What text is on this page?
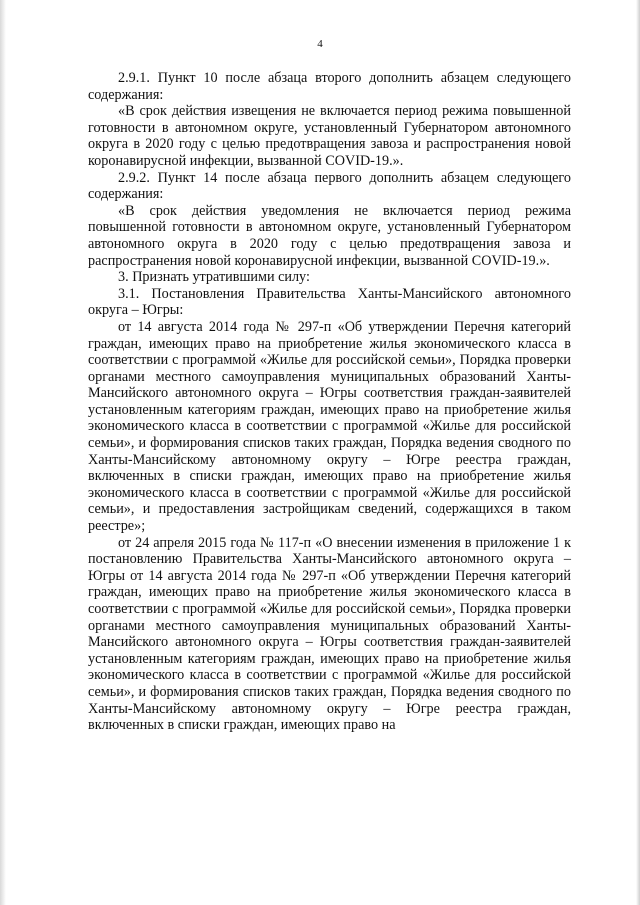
4

2.9.1. Пункт 10 после абзаца второго дополнить абзацем следующего содержания:

«В срок действия извещения не включается период режима повышенной готовности в автономном округе, установленный Губернатором автономного округа в 2020 году с целью предотвращения завоза и распространения новой коронавирусной инфекции, вызванной COVID-19.».

2.9.2. Пункт 14 после абзаца первого дополнить абзацем следующего содержания:

«В срок действия уведомления не включается период режима повышенной готовности в автономном округе, установленный Губернатором автономного округа в 2020 году с целью предотвращения завоза и распространения новой коронавирусной инфекции, вызванной COVID-19.».

3. Признать утратившими силу:

3.1. Постановления Правительства Ханты-Мансийского автономного округа – Югры:

от 14 августа 2014 года № 297-п «Об утверждении Перечня категорий граждан, имеющих право на приобретение жилья экономического класса в соответствии с программой «Жилье для российской семьи», Порядка проверки органами местного самоуправления муниципальных образований Ханты-Мансийского автономного округа – Югры соответствия граждан-заявителей установленным категориям граждан, имеющих право на приобретение жилья экономического класса в соответствии с программой «Жилье для российской семьи», и формирования списков таких граждан, Порядка ведения сводного по Ханты-Мансийскому автономному округу – Югре реестра граждан, включенных в списки граждан, имеющих право на приобретение жилья экономического класса в соответствии с программой «Жилье для российской семьи», и предоставления застройщикам сведений, содержащихся в таком реестре»;

от 24 апреля 2015 года № 117-п «О внесении изменения в приложение 1 к постановлению Правительства Ханты-Мансийского автономного округа – Югры от 14 августа 2014 года № 297-п «Об утверждении Перечня категорий граждан, имеющих право на приобретение жилья экономического класса в соответствии с программой «Жилье для российской семьи», Порядка проверки органами местного самоуправления муниципальных образований Ханты-Мансийского автономного округа – Югры соответствия граждан-заявителей установленным категориям граждан, имеющих право на приобретение жилья экономического класса в соответствии с программой «Жилье для российской семьи», и формирования списков таких граждан, Порядка ведения сводного по Ханты-Мансийскому автономному округу – Югре реестра граждан, включенных в списки граждан, имеющих право на
